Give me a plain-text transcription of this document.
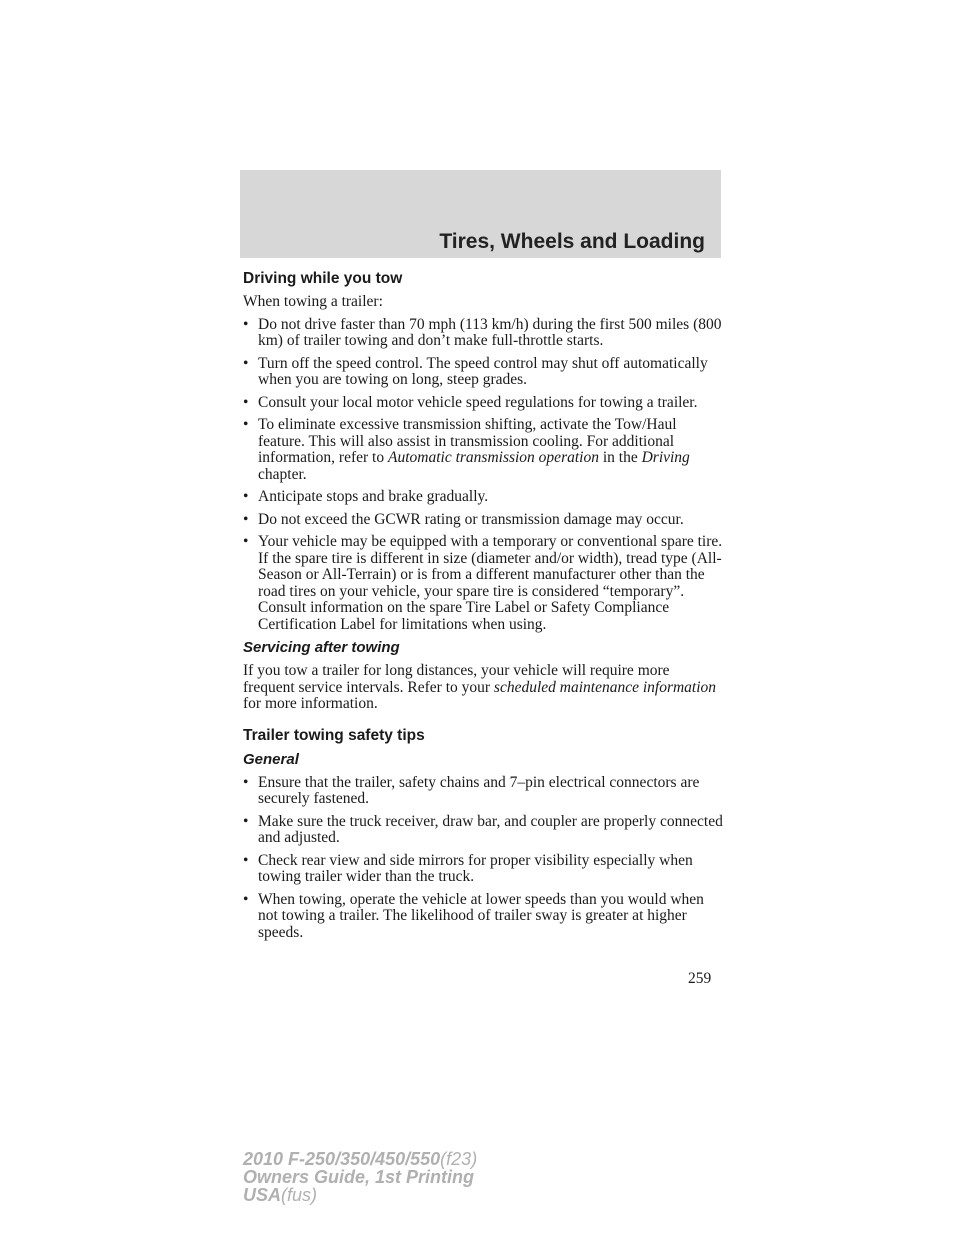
Tires, Wheels and Loading
Driving while you tow

When towing a trailer:

• Do not drive faster than 70 mph (113 km/h) during the first 500 miles (800 km) of trailer towing and don’t make full-throttle starts.
• Turn off the speed control. The speed control may shut off automatically when you are towing on long, steep grades.
• Consult your local motor vehicle speed regulations for towing a trailer.
• To eliminate excessive transmission shifting, activate the Tow/Haul feature. This will also assist in transmission cooling. For additional information, refer to Automatic transmission operation in the Driving chapter.
• Anticipate stops and brake gradually.
• Do not exceed the GCWR rating or transmission damage may occur.
• Your vehicle may be equipped with a temporary or conventional spare tire. If the spare tire is different in size (diameter and/or width), tread type (All-Season or All-Terrain) or is from a different manufacturer other than the road tires on your vehicle, your spare tire is considered “temporary”. Consult information on the spare Tire Label or Safety Compliance Certification Label for limitations when using.
Servicing after towing

If you tow a trailer for long distances, your vehicle will require more frequent service intervals. Refer to your scheduled maintenance information for more information.

Trailer towing safety tips
General
• Ensure that the trailer, safety chains and 7–pin electrical connectors are securely fastened.
• Make sure the truck receiver, draw bar, and coupler are properly connected and adjusted.
• Check rear view and side mirrors for proper visibility especially when towing trailer wider than the truck.
• When towing, operate the vehicle at lower speeds than you would when not towing a trailer. The likelihood of trailer sway is greater at higher speeds.
259
2010 F-250/350/450/550(f23)
Owners Guide, 1st Printing
USA(fus)
